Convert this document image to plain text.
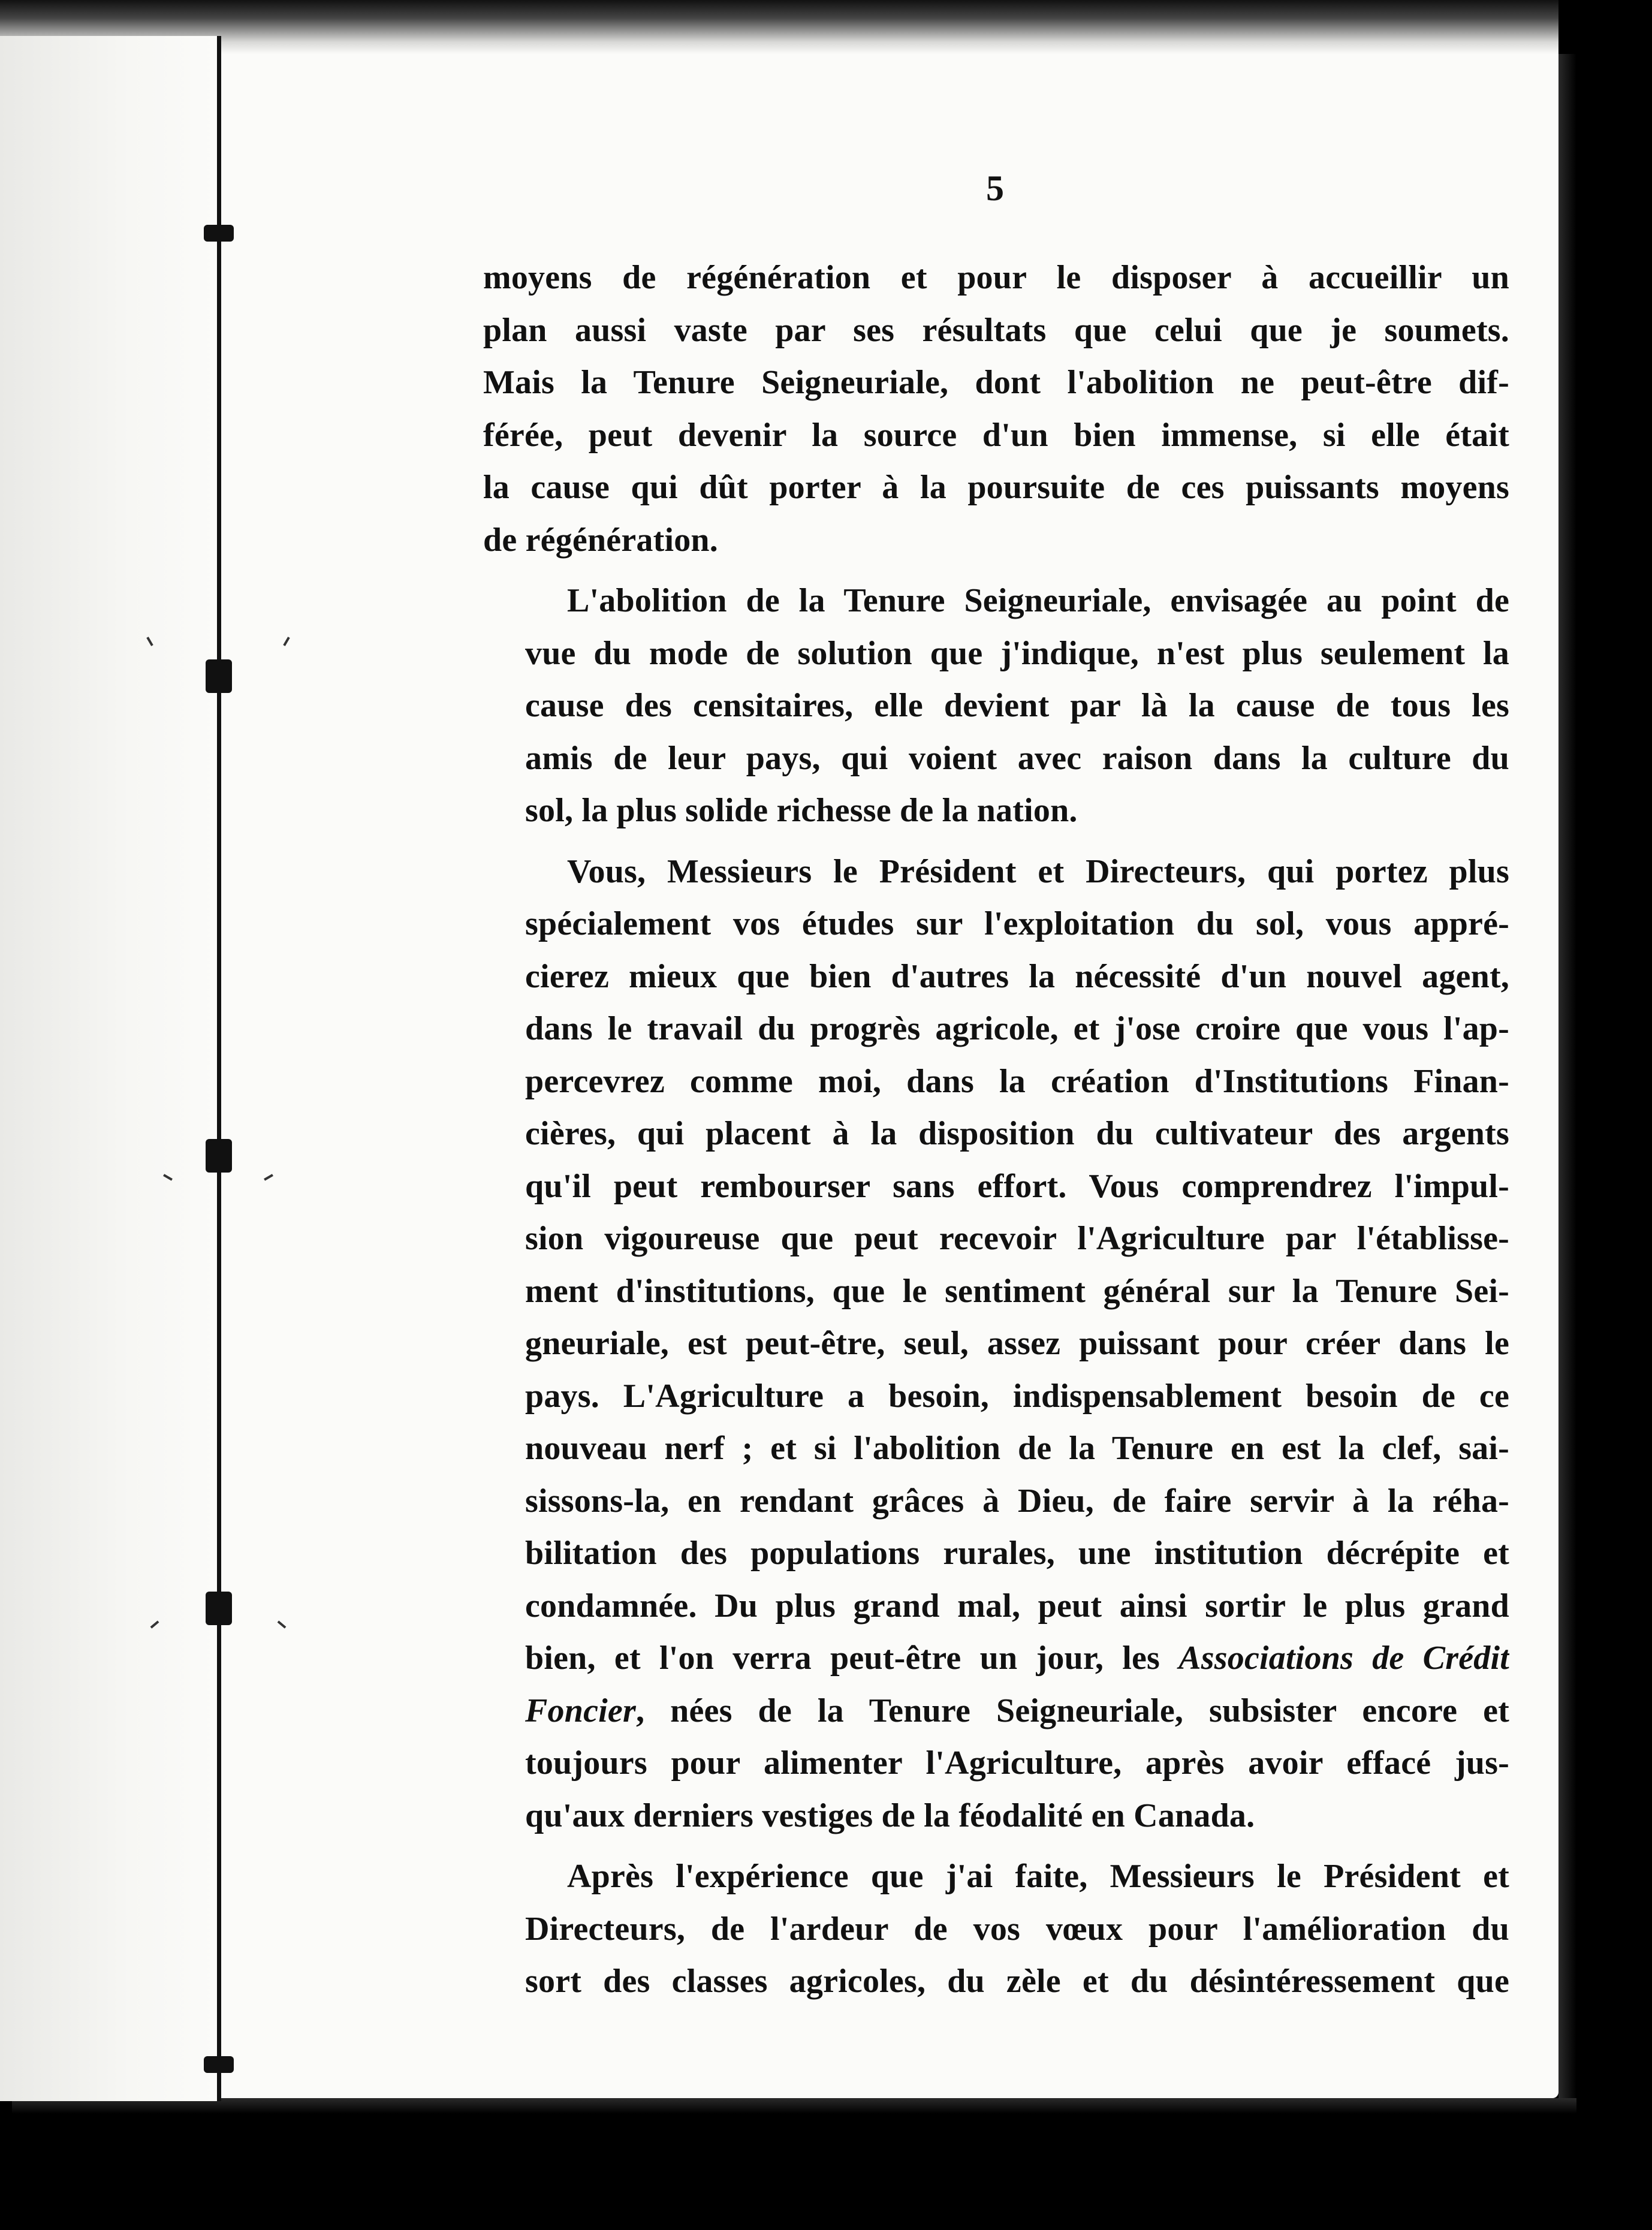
5
moyens de régénération et pour le disposer à accueillir un
plan aussi vaste par ses résultats que celui que je soumets.
Mais la Tenure Seigneuriale, dont l'abolition ne peut-être dif-
férée, peut devenir la source d'un bien immense, si elle était
la cause qui dût porter à la poursuite de ces puissants moyens
de régénération.
L'abolition de la Tenure Seigneuriale, envisagée au point de
vue du mode de solution que j'indique, n'est plus seulement la
cause des censitaires, elle devient par là la cause de tous les
amis de leur pays, qui voient avec raison dans la culture du
sol, la plus solide richesse de la nation.
Vous, Messieurs le Président et Directeurs, qui portez plus
spécialement vos études sur l'exploitation du sol, vous appré-
cierez mieux que bien d'autres la nécessité d'un nouvel agent,
dans le travail du progrès agricole, et j'ose croire que vous l'ap-
percevrez comme moi, dans la création d'Institutions Finan-
cières, qui placent à la disposition du cultivateur des argents
qu'il peut rembourser sans effort. Vous comprendrez l'impul-
sion vigoureuse que peut recevoir l'Agriculture par l'établisse-
ment d'institutions, que le sentiment général sur la Tenure Sei-
gneuriale, est peut-être, seul, assez puissant pour créer dans le
pays. L'Agriculture a besoin, indispensablement besoin de ce
nouveau nerf ; et si l'abolition de la Tenure en est la clef, sai-
sissons-la, en rendant grâces à Dieu, de faire servir à la réha-
bilitation des populations rurales, une institution décrépite et
condamnée. Du plus grand mal, peut ainsi sortir le plus grand
bien, et l'on verra peut-être un jour, les Associations de Crédit
Foncier, nées de la Tenure Seigneuriale, subsister encore et
toujours pour alimenter l'Agriculture, après avoir effacé jus-
qu'aux derniers vestiges de la féodalité en Canada.
Après l'expérience que j'ai faite, Messieurs le Président et
Directeurs, de l'ardeur de vos vœux pour l'amélioration du
sort des classes agricoles, du zèle et du désintéressement que
